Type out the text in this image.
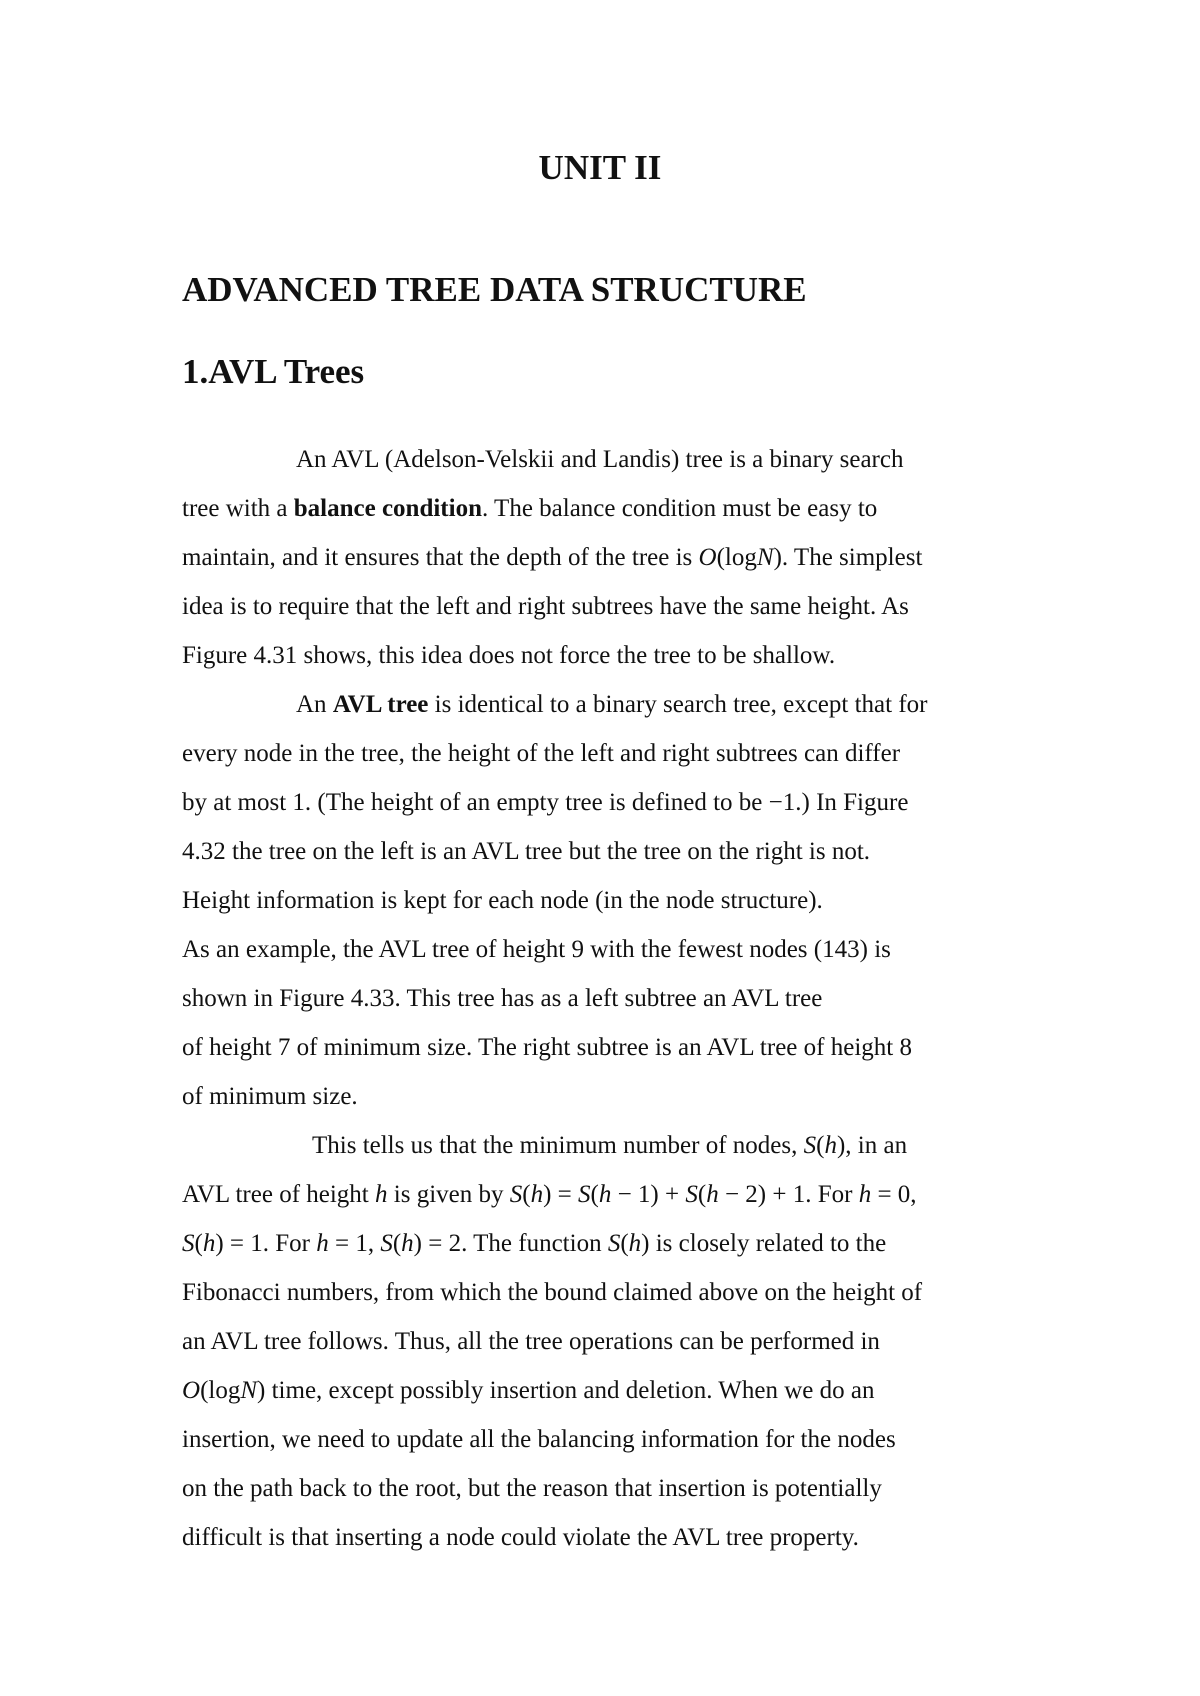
UNIT II
ADVANCED TREE DATA STRUCTURE
1.AVL Trees

An AVL (Adelson-Velskii and Landis) tree is a binary search

tree with a balance condition. The balance condition must be easy to

maintain, and it ensures that the depth of the tree is O(logN). The simplest

idea is to require that the left and right subtrees have the same height. As

Figure 4.31 shows, this idea does not force the tree to be shallow.

An AVL tree is identical to a binary search tree, except that for

every node in the tree, the height of the left and right subtrees can differ

by at most 1. (The height of an empty tree is defined to be −1.) In Figure

4.32 the tree on the left is an AVL tree but the tree on the right is not.

Height information is kept for each node (in the node structure).

As an example, the AVL tree of height 9 with the fewest nodes (143) is

shown in Figure 4.33. This tree has as a left subtree an AVL tree

of height 7 of minimum size. The right subtree is an AVL tree of height 8

of minimum size.

This tells us that the minimum number of nodes, S(h), in an

AVL tree of height h is given by S(h) = S(h − 1) + S(h − 2) + 1. For h = 0,

S(h) = 1. For h = 1, S(h) = 2. The function S(h) is closely related to the

Fibonacci numbers, from which the bound claimed above on the height of

an AVL tree follows. Thus, all the tree operations can be performed in

O(logN) time, except possibly insertion and deletion. When we do an

insertion, we need to update all the balancing information for the nodes

on the path back to the root, but the reason that insertion is potentially

difficult is that inserting a node could violate the AVL tree property.
